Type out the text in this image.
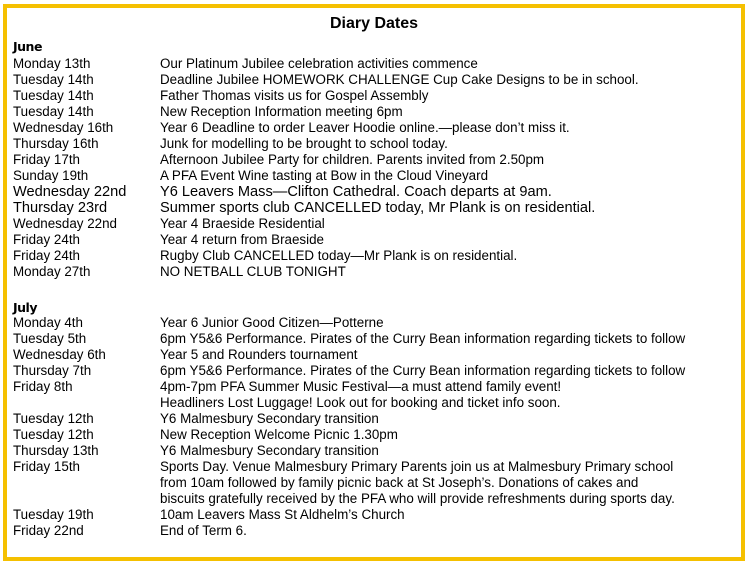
Diary Dates
June
Monday 13th	Our Platinum Jubilee celebration activities commence
Tuesday 14th	Deadline Jubilee HOMEWORK CHALLENGE Cup Cake Designs to be in school.
Tuesday 14th	Father Thomas visits us for Gospel Assembly
Tuesday 14th	New Reception Information meeting 6pm
Wednesday 16th	Year 6 Deadline to order Leaver Hoodie online.—please don’t miss it.
Thursday 16th	Junk for modelling to be brought to school today.
Friday 17th	Afternoon Jubilee Party for children. Parents invited from 2.50pm
Sunday 19th	A PFA Event Wine tasting at Bow in the Cloud Vineyard
Wednesday 22nd Y6 Leavers Mass—Clifton Cathedral. Coach departs at 9am.
Thursday 23rd	Summer sports club CANCELLED today, Mr Plank is on residential.
Wednesday 22nd	Year 4 Braeside Residential
Friday 24th	Year 4 return from Braeside
Friday 24th	Rugby Club CANCELLED today—Mr Plank is on residential.
Monday 27th	NO NETBALL CLUB TONIGHT
July
Monday 4th	Year 6 Junior Good Citizen—Potterne
Tuesday 5th	6pm Y5&6 Performance. Pirates of the Curry Bean information regarding tickets to follow
Wednesday 6th	Year 5 and Rounders tournament
Thursday 7th	6pm Y5&6 Performance. Pirates of the Curry Bean information regarding tickets to follow
Friday 8th	4pm-7pm PFA Summer Music Festival—a must attend family event!
Headliners Lost Luggage! Look out for booking and ticket info soon.
Tuesday 12th	Y6 Malmesbury Secondary transition
Tuesday 12th	New Reception Welcome Picnic 1.30pm
Thursday 13th	Y6 Malmesbury Secondary transition
Friday 15th	Sports Day. Venue Malmesbury Primary Parents join us at Malmesbury Primary school
from 10am followed by family picnic back at St Joseph’s. Donations of cakes and
biscuits gratefully received by the PFA who will provide refreshments during sports day.
Tuesday 19th	10am Leavers Mass St Aldhelm’s Church
Friday 22nd	End of Term 6.
